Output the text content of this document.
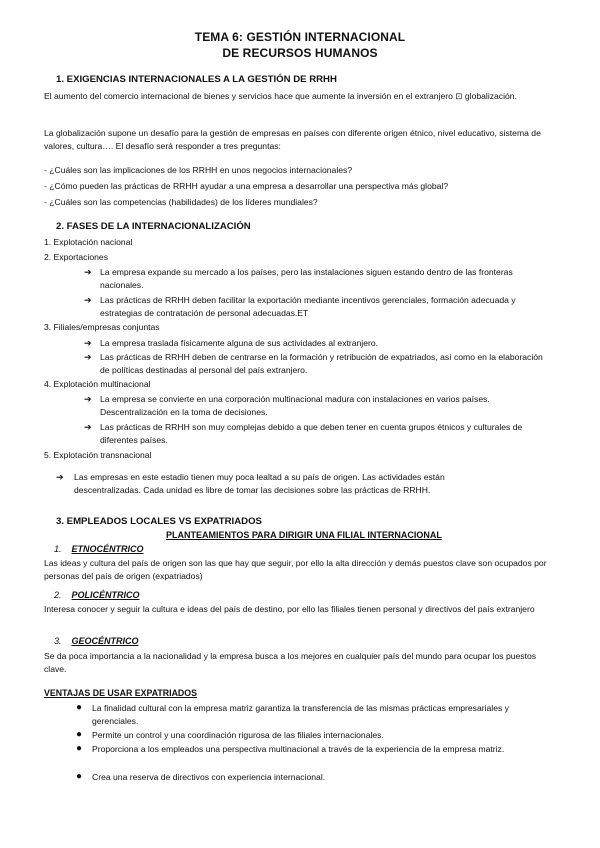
TEMA 6: GESTIÓN INTERNACIONAL
DE RECURSOS HUMANOS
1. EXIGENCIAS INTERNACIONALES A LA GESTIÓN DE RRHH
El aumento del comercio internacional de bienes y servicios hace que aumente la inversión en el extranjero ⊡ globalización.
La globalización supone un desafío para la gestión de empresas en países con diferente origen étnico, nivel educativo, sistema de valores, cultura…. El desafío será responder a tres preguntas:
- ¿Cuáles son las implicaciones de los RRHH en unos negocios internacionales?
- ¿Cómo pueden las prácticas de RRHH ayudar a una empresa a desarrollar una perspectiva más global?
- ¿Cuáles son las competencias (habilidades) de los líderes mundiales?
2. FASES DE LA INTERNACIONALIZACIÓN
1. Explotación nacional
2. Exportaciones
➔ La empresa expande su mercado a los países, pero las instalaciones siguen estando dentro de las fronteras nacionales.
➔ Las prácticas de RRHH deben facilitar la exportación mediante incentivos gerenciales, formación adecuada y estrategias de contratación de personal adecuadas.ET
3. Filiales/empresas conjuntas
➔ La empresa traslada físicamente alguna de sus actividades al extranjero.
➔ Las prácticas de RRHH deben de centrarse en la formación y retribución de expatriados, así como en la elaboración de políticas destinadas al personal del país extranjero.
4. Explotación multinacional
➔ La empresa se convierte en una corporación multinacional madura con instalaciones en varios países. Descentralización en la toma de decisiones.
➔ Las prácticas de RRHH son muy complejas debido a que deben tener en cuenta grupos étnicos y culturales de diferentes países.
5. Explotación transnacional
➔ Las empresas en este estadio tienen muy poca lealtad a su país de origen. Las actividades están descentralizadas. Cada unidad es libre de tomar las decisiones sobre las prácticas de RRHH.
3. EMPLEADOS LOCALES VS EXPATRIADOS
PLANTEAMIENTOS PARA DIRIGIR UNA FILIAL INTERNACIONAL
1. ETNOCÉNTRICO
Las ideas y cultura del país de origen son las que hay que seguir, por ello la alta dirección y demás puestos clave son ocupados por personas del país de origen (expatriados)
2. POLICÉNTRICO
Interesa conocer y seguir la cultura e ideas del país de destino, por ello las filiales tienen personal y directivos del país extranjero
3. GEOCÉNTRICO
Se da poca importancia a la nacionalidad y la empresa busca a los mejores en cualquier país del mundo para ocupar los puestos clave.
VENTAJAS DE USAR EXPATRIADOS
● La finalidad cultural con la empresa matriz garantiza la transferencia de las mismas prácticas empresariales y gerenciales.
● Permite un control y una coordinación rigurosa de las filiales internacionales.
● Proporciona a los empleados una perspectiva multinacional a través de la experiencia de la empresa matriz.
● Crea una reserva de directivos con experiencia internacional.
